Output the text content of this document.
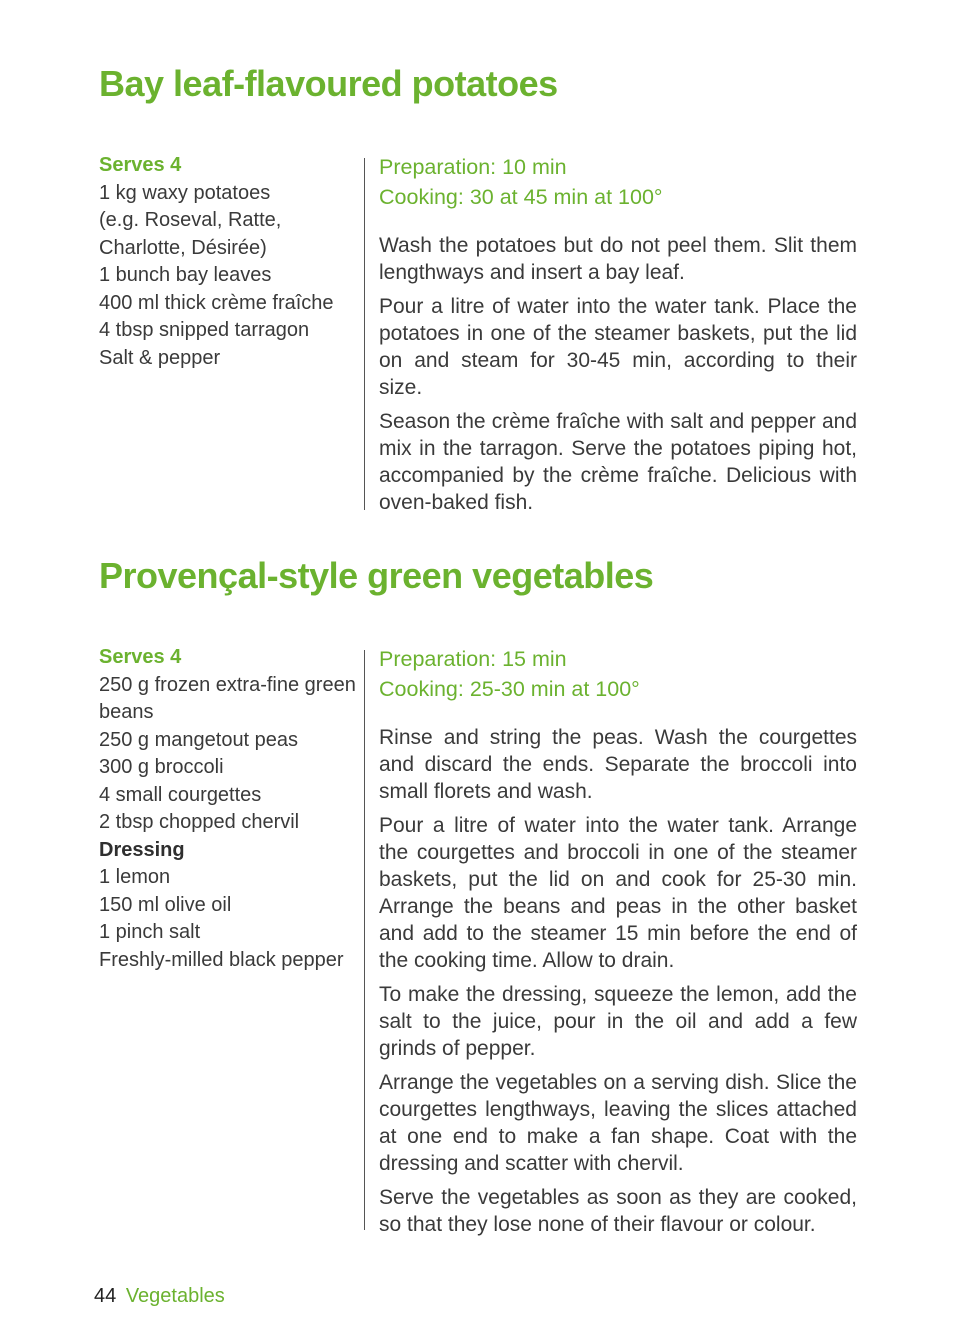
Bay leaf-flavoured potatoes
Serves 4
1 kg waxy potatoes
(e.g. Roseval, Ratte, Charlotte, Désirée)
1 bunch bay leaves
400 ml thick crème fraîche
4 tbsp snipped tarragon
Salt & pepper
Preparation: 10 min
Cooking: 30 at 45 min at 100°

Wash the potatoes but do not peel them. Slit them lengthways and insert a bay leaf.

Pour a litre of water into the water tank. Place the potatoes in one of the steamer baskets, put the lid on and steam for 30-45 min, according to their size.

Season the crème fraîche with salt and pepper and mix in the tarragon. Serve the potatoes piping hot, accompanied by the crème fraîche. Delicious with oven-baked fish.

Provençal-style green vegetables
Serves 4
250 g frozen extra-fine green beans
250 g mangetout peas
300 g broccoli
4 small courgettes
2 tbsp chopped chervil
Dressing
1 lemon
150 ml olive oil
1 pinch salt
Freshly-milled black pepper
Preparation: 15 min
Cooking: 25-30 min at 100°

Rinse and string the peas. Wash the courgettes and discard the ends. Separate the broccoli into small florets and wash.

Pour a litre of water into the water tank. Arrange the courgettes and broccoli in one of the steamer baskets, put the lid on and cook for 25-30 min. Arrange the beans and peas in the other basket and add to the steamer 15 min before the end of the cooking time. Allow to drain.

To make the dressing, squeeze the lemon, add the salt to the juice, pour in the oil and add a few grinds of pepper.

Arrange the vegetables on a serving dish. Slice the courgettes lengthways, leaving the slices attached at one end to make a fan shape. Coat with the dressing and scatter with chervil.

Serve the vegetables as soon as they are cooked, so that they lose none of their flavour or colour.

44 Vegetables
